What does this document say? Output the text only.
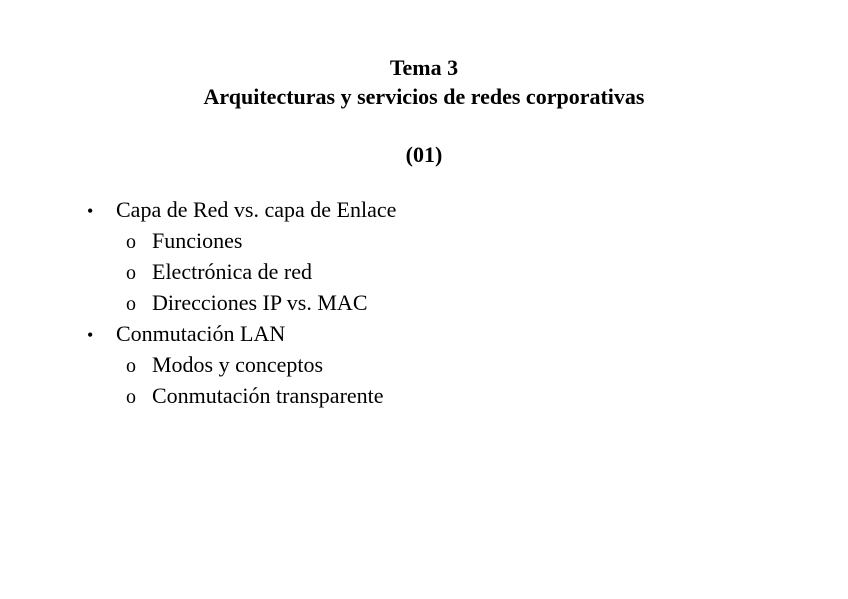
Tema 3
Arquitecturas y servicios de redes corporativas
(01)
•	Capa de Red vs. capa de Enlace
o Funciones
o Electrónica de red
o Direcciones IP vs. MAC
•	Conmutación LAN
o Modos y conceptos
o Conmutación transparente
